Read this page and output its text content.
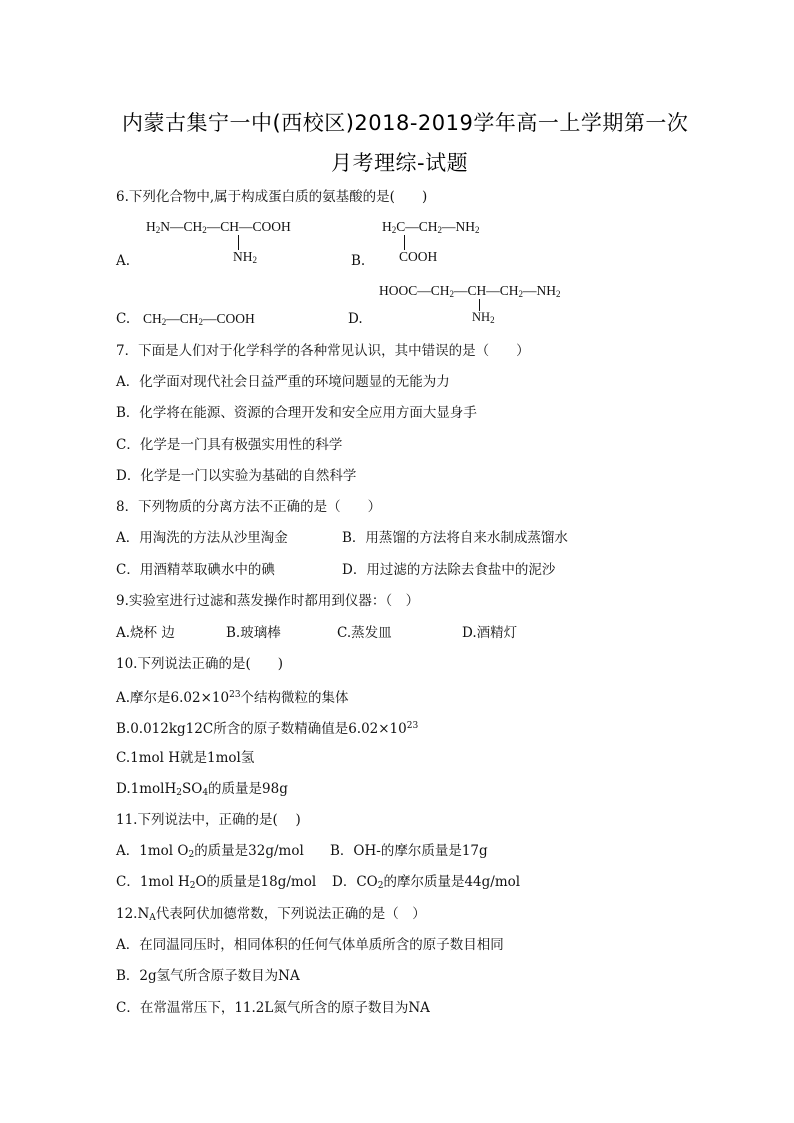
内蒙古集宁一中(西校区)2018-2019学年高一上学期第一次
月考理综-试题
6.下列化合物中,属于构成蛋白质的氨基酸的是(　　)
$H_2N—CH_2—CH—COOH$
$NH_2$
A.
$H_2C—CH_2—NH_2$
COOH
B.
$HOOC—CH_2—CH—CH_2—NH_2$
$NH_2$
C. $CH_2—CH_2—COOH$	D.
7．下面是人们对于化学科学的各种常见认识，其中错误的是（　　）
A．化学面对现代社会日益严重的环境问题显的无能为力
B．化学将在能源、资源的合理开发和安全应用方面大显身手
C．化学是一门具有极强实用性的科学
D．化学是一门以实验为基础的自然科学
8．下列物质的分离方法不正确的是（　　）
A．用淘洗的方法从沙里淘金	B．用蒸馏的方法将自来水制成蒸馏水
C．用酒精萃取碘水中的碘	D．用过滤的方法除去食盐中的泥沙
9.实验室进行过滤和蒸发操作时都用到仪器：（　）
A.烧杯 边	B.玻璃棒	C.蒸发皿	D.酒精灯
10.下列说法正确的是(　　)
A.摩尔是$6.02\times 10^{23}$个结构微粒的集体
B.0.012kg12C所含的原子数精确值是$6.02\times 10^{23}$
C.1mol H就是1mol氢
$D.1molH_2SO_4$的质量是98g
11.下列说法中，正确的是(　 )
A．1mol $O_2$的质量是32g/mol B．OH-的摩尔质量是17g
C．1mol $H_2O$的质量是18g/mol D．$CO_2$的摩尔质量是44g/mol
$12.N_A$代表阿伏加德常数，下列说法正确的是（　）
A．在同温同压时，相同体积的任何气体单质所含的原子数目相同
B．2g氢气所含原子数目为NA
C．在常温常压下，11.2L氮气所含的原子数目为NA
